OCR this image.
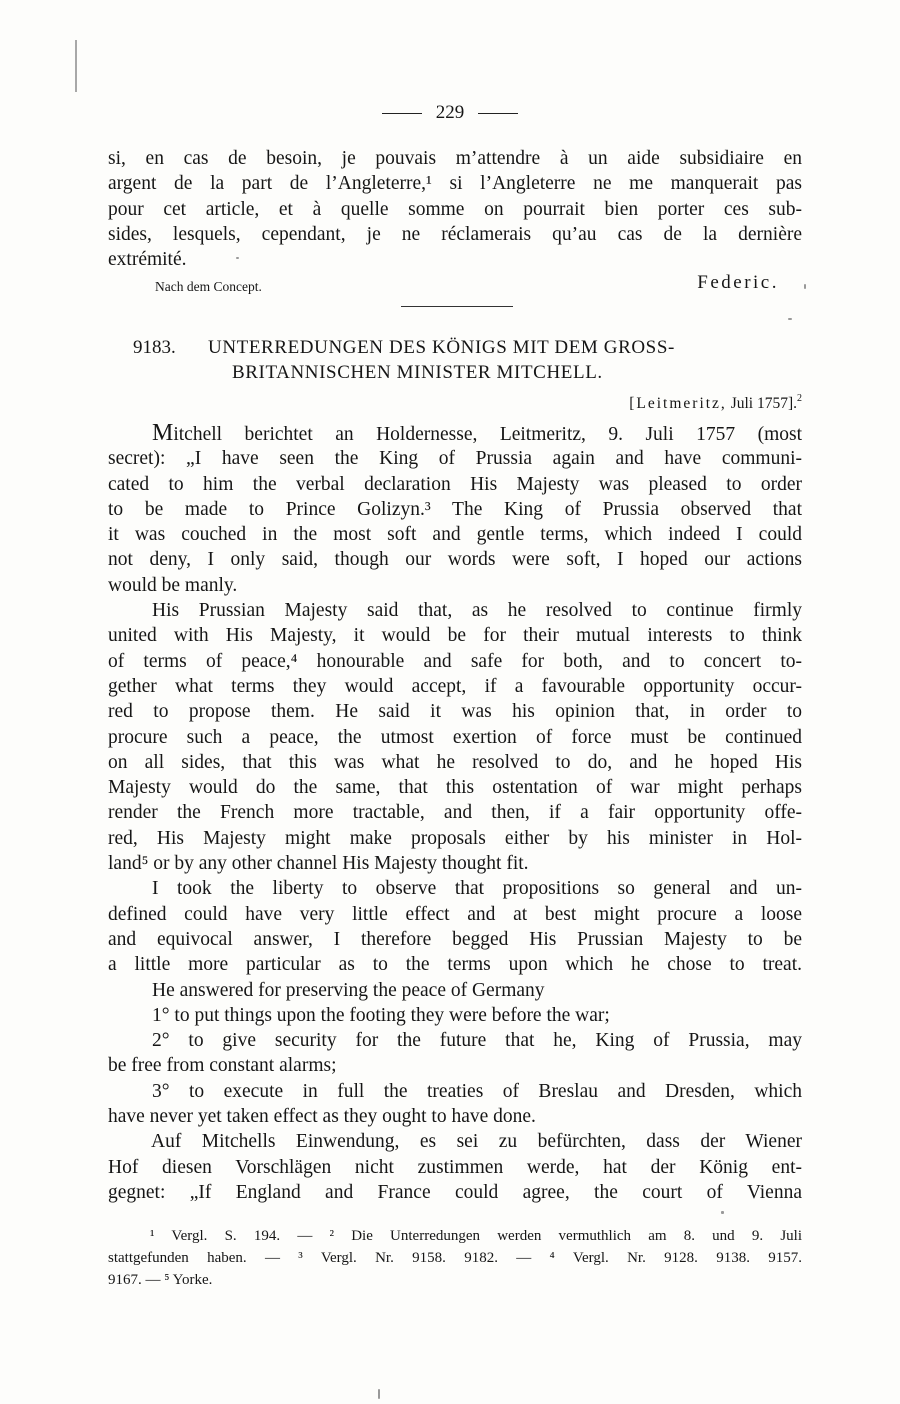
229
si, en cas de besoin, je pouvais m’attendre à un aide subsidiaire en
argent de la part de l’Angleterre,¹ si l’Angleterre ne me manquerait pas
pour cet article, et à quelle somme on pourrait bien porter ces sub-
sides, lesquels, cependant, je ne réclamerais qu’au cas de la dernière
extrémité.
Nach dem Concept.	Federic.
9183. UNTERREDUNGEN DES KÖNIGS MIT DEM GROSS-
BRITANNISCHEN MINISTER MITCHELL.
[Leitmeritz, Juli 1757].$^2$
Mitchell berichtet an Holdernesse, Leitmeritz, 9. Juli 1757 (most
secret): „I have seen the King of Prussia again and have communi-
cated to him the verbal declaration His Majesty was pleased to order
to be made to Prince Golizyn.³ The King of Prussia observed that
it was couched in the most soft and gentle terms, which indeed I could
not deny, I only said, though our words were soft, I hoped our actions
would be manly.
His Prussian Majesty said that, as he resolved to continue firmly
united with His Majesty, it would be for their mutual interests to think
of terms of peace,⁴ honourable and safe for both, and to concert to-
gether what terms they would accept, if a favourable opportunity occur-
red to propose them. He said it was his opinion that, in order to
procure such a peace, the utmost exertion of force must be continued
on all sides, that this was what he resolved to do, and he hoped His
Majesty would do the same, that this ostentation of war might perhaps
render the French more tractable, and then, if a fair opportunity offe-
red, His Majesty might make proposals either by his minister in Hol-
land⁵ or by any other channel His Majesty thought fit.
I took the liberty to observe that propositions so general and un-
defined could have very little effect and at best might procure a loose
and equivocal answer, I therefore begged His Prussian Majesty to be
a little more particular as to the terms upon which he chose to treat.
He answered for preserving the peace of Germany
1° to put things upon the footing they were before the war;
2° to give security for the future that he, King of Prussia, may
be free from constant alarms;
3° to execute in full the treaties of Breslau and Dresden, which
have never yet taken effect as they ought to have done.
Auf Mitchells Einwendung, es sei zu befürchten, dass der Wiener
Hof diesen Vorschlägen nicht zustimmen werde, hat der König ent-
gegnet: „If England and France could agree, the court of Vienna
¹ Vergl. S. 194. — ² Die Unterredungen werden vermuthlich am 8. und 9. Juli
stattgefunden haben. — ³ Vergl. Nr. 9158. 9182. — ⁴ Vergl. Nr. 9128. 9138. 9157.
9167. — ⁵ Yorke.
